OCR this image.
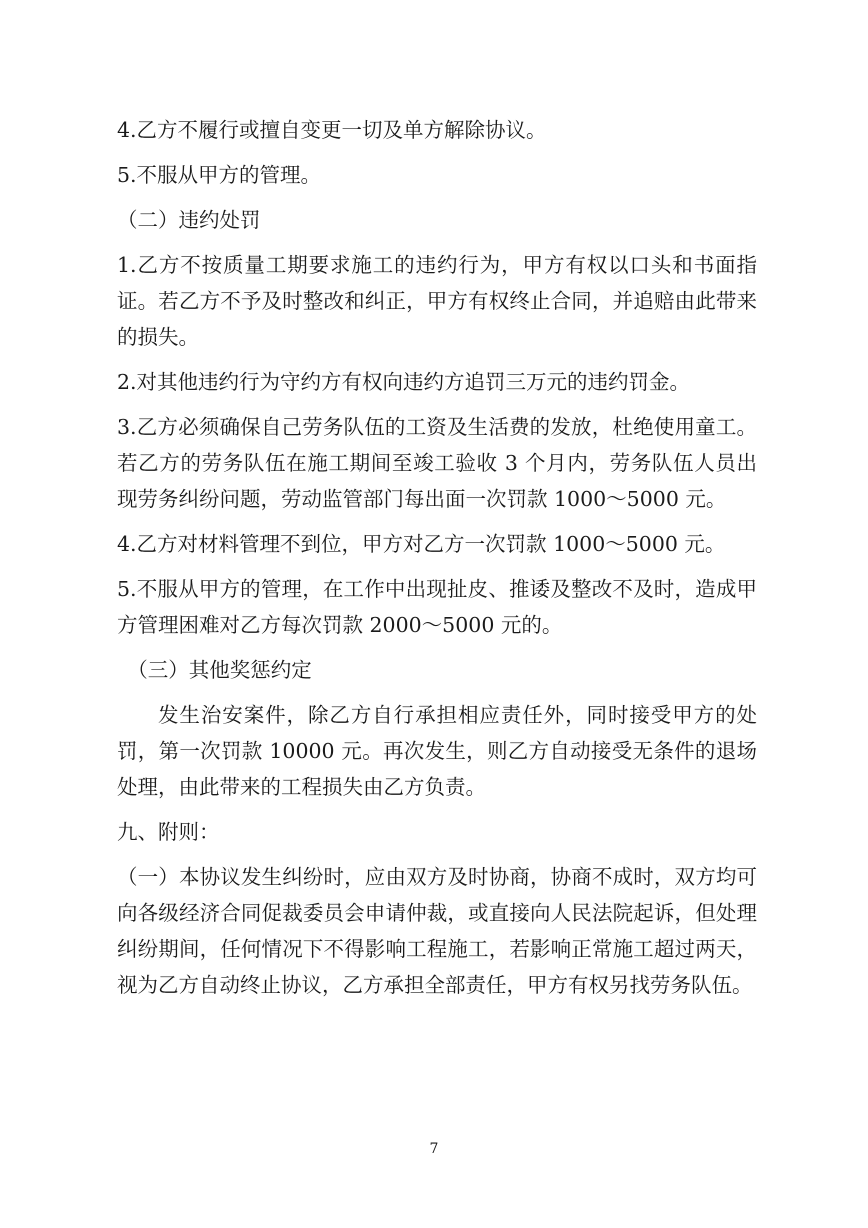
4.乙方不履行或擅自变更一切及单方解除协议。

5.不服从甲方的管理。

（二）违约处罚

1.乙方不按质量工期要求施工的违约行为，甲方有权以口头和书面指证。若乙方不予及时整改和纠正，甲方有权终止合同，并追赔由此带来的损失。

2.对其他违约行为守约方有权向违约方追罚三万元的违约罚金。

3.乙方必须确保自己劳务队伍的工资及生活费的发放，杜绝使用童工。若乙方的劳务队伍在施工期间至竣工验收 3 个月内，劳务队伍人员出现劳务纠纷问题，劳动监管部门每出面一次罚款 1000～5000 元。

4.乙方对材料管理不到位，甲方对乙方一次罚款 1000～5000 元。

5.不服从甲方的管理，在工作中出现扯皮、推诿及整改不及时，造成甲方管理困难对乙方每次罚款 2000～5000 元的。

（三）其他奖惩约定

发生治安案件，除乙方自行承担相应责任外，同时接受甲方的处罚，第一次罚款 10000 元。再次发生，则乙方自动接受无条件的退场处理，由此带来的工程损失由乙方负责。

九、附则：

（一）本协议发生纠纷时，应由双方及时协商，协商不成时，双方均可向各级经济合同促裁委员会申请仲裁，或直接向人民法院起诉，但处理纠纷期间，任何情况下不得影响工程施工，若影响正常施工超过两天，视为乙方自动终止协议，乙方承担全部责任，甲方有权另找劳务队伍。

7
